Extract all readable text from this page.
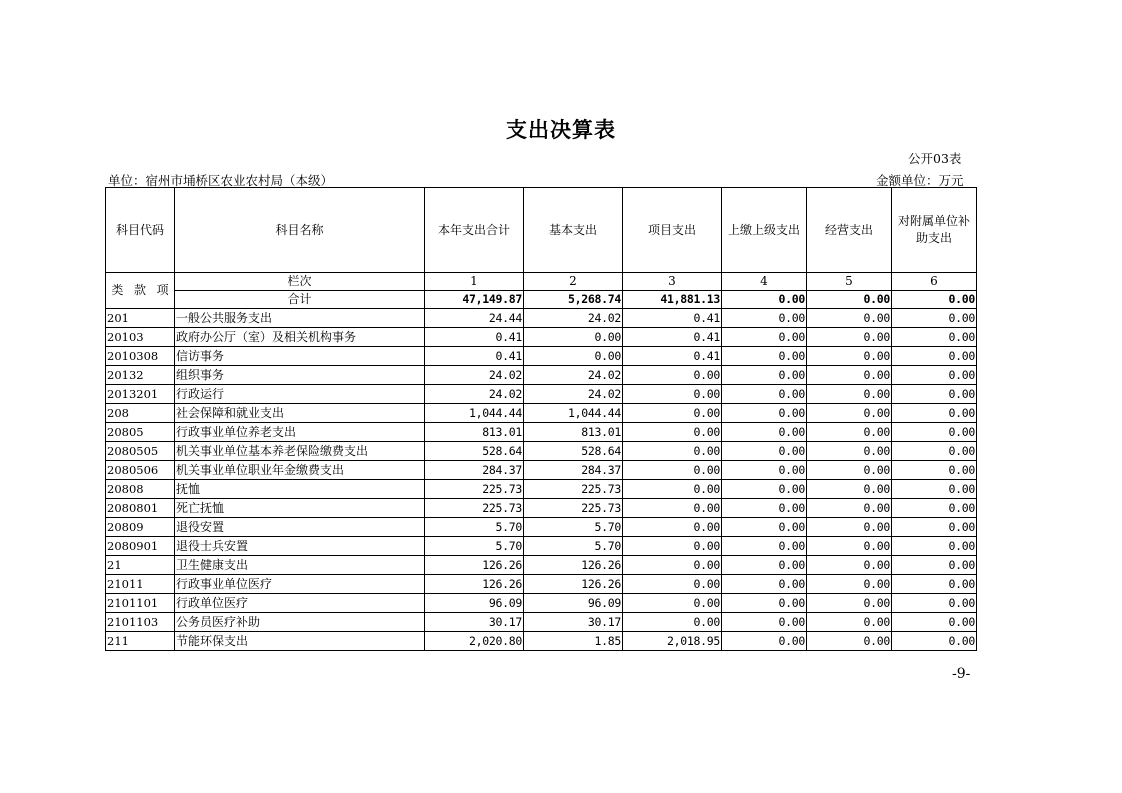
支出决算表
公开03表
单位：宿州市埇桥区农业农村局（本级）	金额单位：万元
科目代码	科目名称	本年支出合计	基本支出	项目支出	上缴上级支出	经营支出	对附属单位补助支出

类 款 项	栏次	1	2	3	4	5	6
	合计	47,149.87	5,268.74	41,881.13	0.00	0.00	0.00
201	一般公共服务支出	24.44	24.02	0.41	0.00	0.00	0.00
20103	政府办公厅（室）及相关机构事务	0.41	0.00	0.41	0.00	0.00	0.00
2010308	信访事务	0.41	0.00	0.41	0.00	0.00	0.00
20132	组织事务	24.02	24.02	0.00	0.00	0.00	0.00
2013201	行政运行	24.02	24.02	0.00	0.00	0.00	0.00
208	社会保障和就业支出	1,044.44	1,044.44	0.00	0.00	0.00	0.00
20805	行政事业单位养老支出	813.01	813.01	0.00	0.00	0.00	0.00
2080505	机关事业单位基本养老保险缴费支出	528.64	528.64	0.00	0.00	0.00	0.00
2080506	机关事业单位职业年金缴费支出	284.37	284.37	0.00	0.00	0.00	0.00
20808	抚恤	225.73	225.73	0.00	0.00	0.00	0.00
2080801	死亡抚恤	225.73	225.73	0.00	0.00	0.00	0.00
20809	退役安置	5.70	5.70	0.00	0.00	0.00	0.00
2080901	退役士兵安置	5.70	5.70	0.00	0.00	0.00	0.00
21	卫生健康支出	126.26	126.26	0.00	0.00	0.00	0.00
21011	行政事业单位医疗	126.26	126.26	0.00	0.00	0.00	0.00
2101101	行政单位医疗	96.09	96.09	0.00	0.00	0.00	0.00
2101103	公务员医疗补助	30.17	30.17	0.00	0.00	0.00	0.00
211	节能环保支出	2,020.80	1.85	2,018.95	0.00	0.00	0.00
-9-
